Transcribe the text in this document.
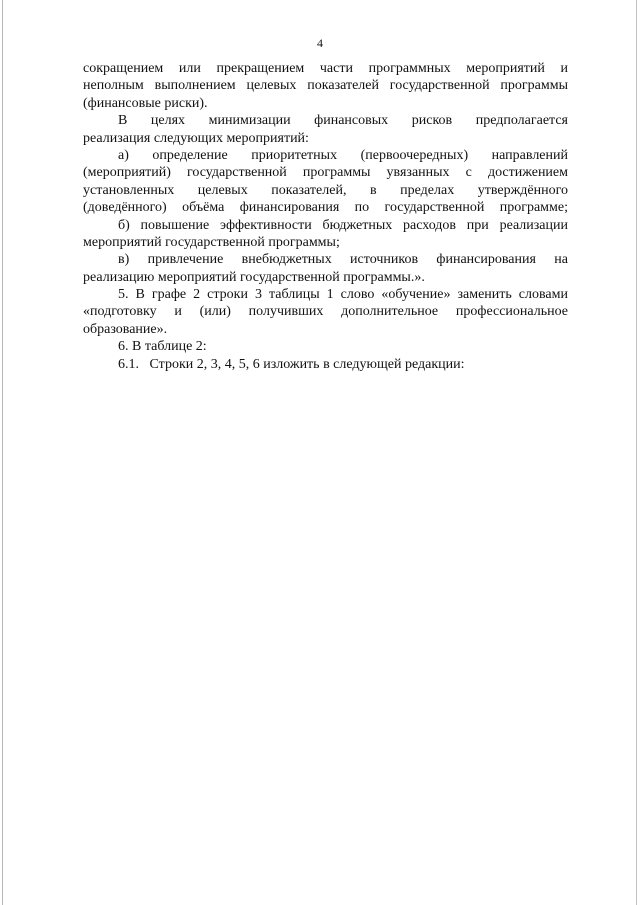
4
сокращением или прекращением части программных мероприятий и
неполным выполнением целевых показателей государственной программы
(финансовые риски).
В целях минимизации финансовых рисков предполагается
реализация следующих мероприятий:
а) определение приоритетных (первоочередных) направлений
(мероприятий) государственной программы увязанных с достижением
установленных целевых показателей, в пределах утверждённого
(доведённого) объёма финансирования по государственной программе;
б) повышение эффективности бюджетных расходов при реализации
мероприятий государственной программы;
в) привлечение внебюджетных источников финансирования на
реализацию мероприятий государственной программы.».
5. В графе 2 строки 3 таблицы 1 слово «обучение» заменить словами
«подготовку и (или) получивших дополнительное профессиональное
образование».
6. В таблице 2:
6.1.   Строки 2, 3, 4, 5, 6 изложить в следующей редакции:
